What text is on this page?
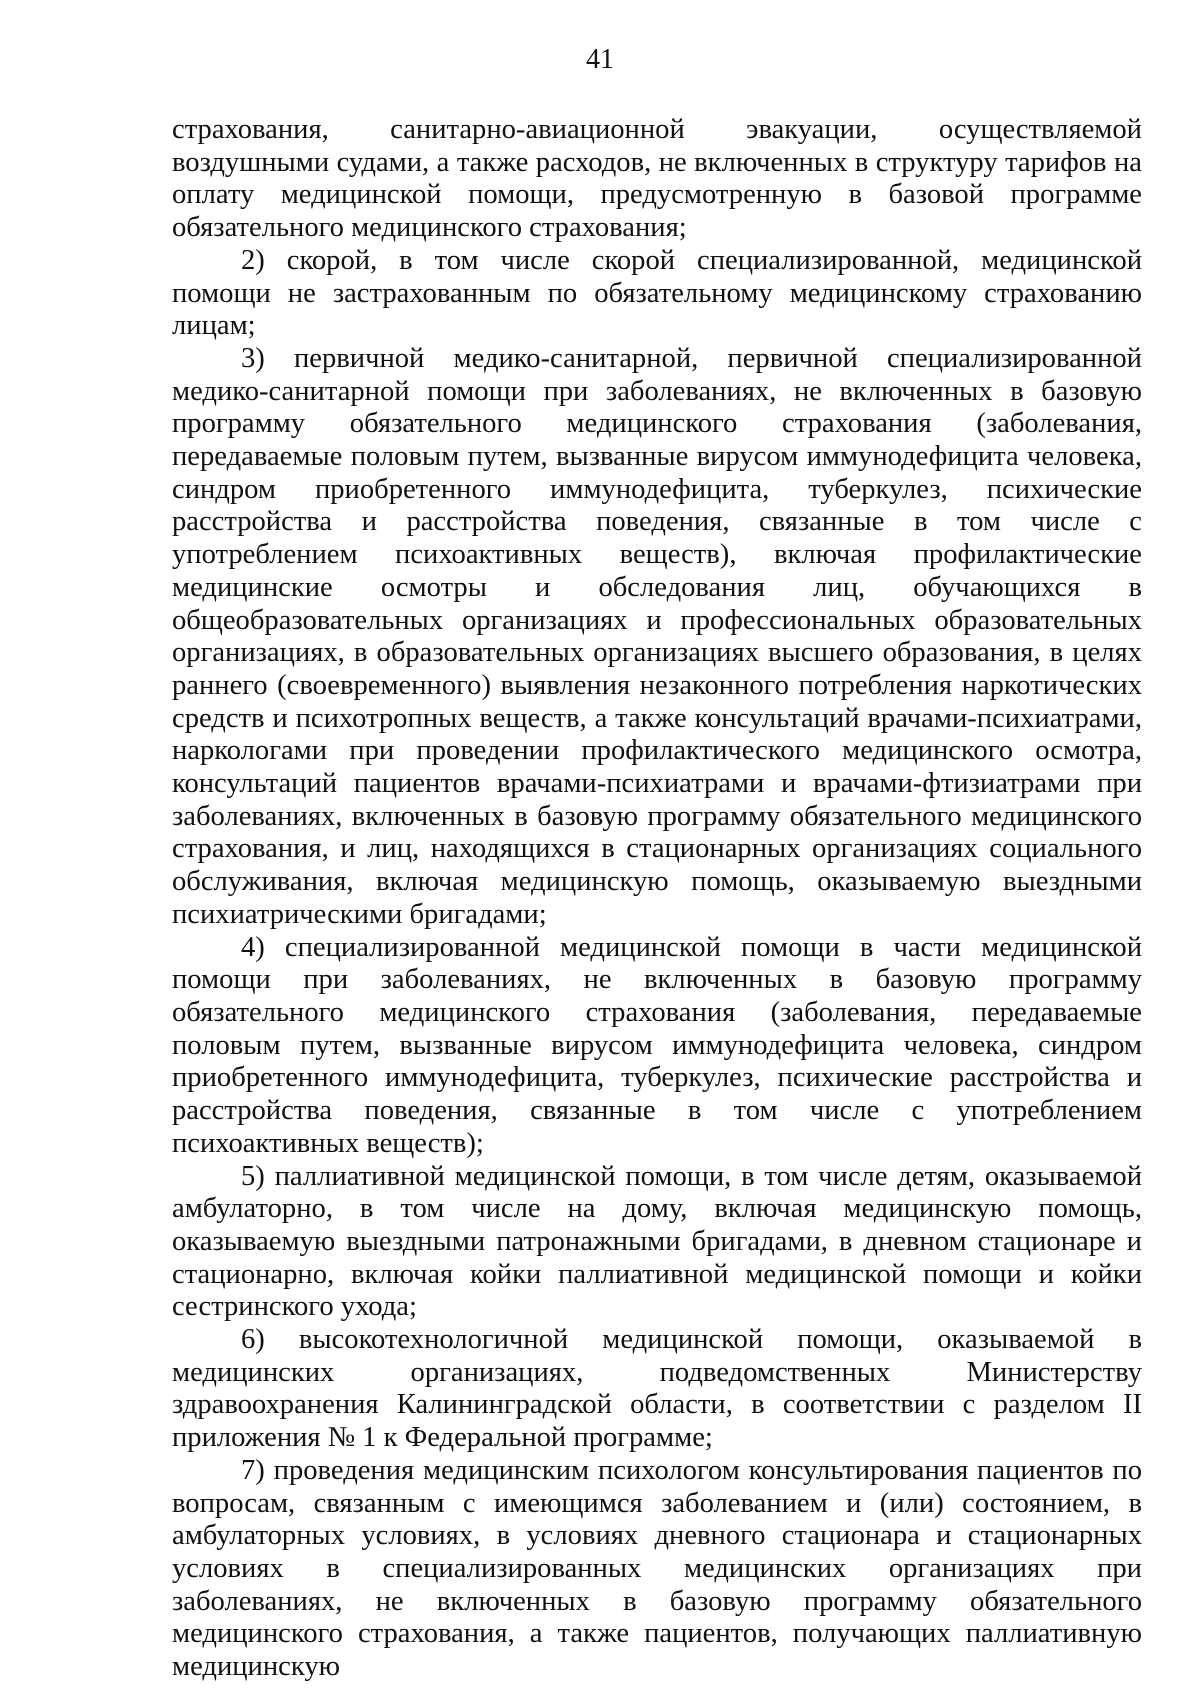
41

страхования, санитарно-авиационной эвакуации, осуществляемой воздушными судами, а также расходов, не включенных в структуру тарифов на оплату медицинской помощи, предусмотренную в базовой программе обязательного медицинского страхования;

2) скорой, в том числе скорой специализированной, медицинской помощи не застрахованным по обязательному медицинскому страхованию лицам;

3) первичной медико-санитарной, первичной специализированной медико-санитарной помощи при заболеваниях, не включенных в базовую программу обязательного медицинского страхования (заболевания, передаваемые половым путем, вызванные вирусом иммунодефицита человека, синдром приобретенного иммунодефицита, туберкулез, психические расстройства и расстройства поведения, связанные в том числе с употреблением психоактивных веществ), включая профилактические медицинские осмотры и обследования лиц, обучающихся в общеобразовательных организациях и профессиональных образовательных организациях, в образовательных организациях высшего образования, в целях раннего (своевременного) выявления незаконного потребления наркотических средств и психотропных веществ, а также консультаций врачами-психиатрами, наркологами при проведении профилактического медицинского осмотра, консультаций пациентов врачами-психиатрами и врачами-фтизиатрами при заболеваниях, включенных в базовую программу обязательного медицинского страхования, и лиц, находящихся в стационарных организациях социального обслуживания, включая медицинскую помощь, оказываемую выездными психиатрическими бригадами;

4) специализированной медицинской помощи в части медицинской помощи при заболеваниях, не включенных в базовую программу обязательного медицинского страхования (заболевания, передаваемые половым путем, вызванные вирусом иммунодефицита человека, синдром приобретенного иммунодефицита, туберкулез, психические расстройства и расстройства поведения, связанные в том числе с употреблением психоактивных веществ);

5) паллиативной медицинской помощи, в том числе детям, оказываемой амбулаторно, в том числе на дому, включая медицинскую помощь, оказываемую выездными патронажными бригадами, в дневном стационаре и стационарно, включая койки паллиативной медицинской помощи и койки сестринского ухода;

6) высокотехнологичной медицинской помощи, оказываемой в медицинских организациях, подведомственных Министерству здравоохранения Калининградской области, в соответствии с разделом II приложения № 1 к Федеральной программе;

7) проведения медицинским психологом консультирования пациентов по вопросам, связанным с имеющимся заболеванием и (или) состоянием, в амбулаторных условиях, в условиях дневного стационара и стационарных условиях в специализированных медицинских организациях при заболеваниях, не включенных в базовую программу обязательного медицинского страхования, а также пациентов, получающих паллиативную медицинскую
